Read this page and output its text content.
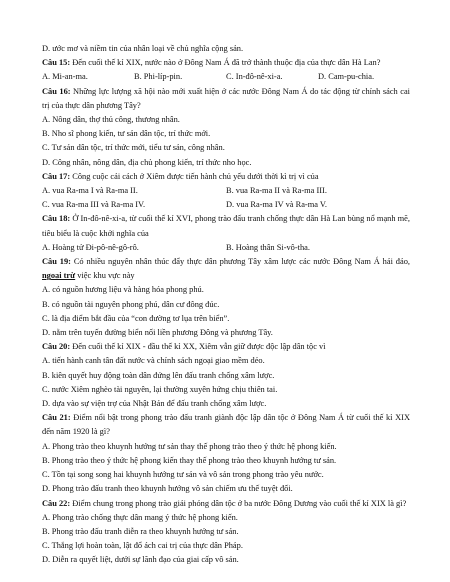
D. ước mơ và niềm tin của nhân loại về chủ nghĩa cộng sản.
Câu 15: Đến cuối thế kỉ XIX, nước nào ở Đông Nam Á đã trở thành thuộc địa của thực dân Hà Lan?
A. Mi-an-ma.	B. Phi-líp-pin.	C. In-đô-nê-xi-a.	D. Cam-pu-chia.
Câu 16: Những lực lượng xã hội nào mới xuất hiện ở các nước Đông Nam Á do tác động từ chính sách cai trị của thực dân phương Tây?
A. Nông dân, thợ thủ công, thương nhân.
B. Nho sĩ phong kiến, tư sản dân tộc, trí thức mới.
C. Tư sản dân tộc, trí thức mới, tiểu tư sản, công nhân.
D. Công nhân, nông dân, địa chủ phong kiến, trí thức nho học.
Câu 17: Công cuộc cải cách ở Xiêm được tiến hành chủ yếu dưới thời kì trị vì của
A. vua Ra-ma I và Ra-ma II.	B. vua Ra-ma II và Ra-ma III.
C. vua Ra-ma III và Ra-ma IV.	D. vua Ra-ma IV và Ra-ma V.
Câu 18: Ở In-đô-nê-xi-a, từ cuối thế kỉ XVI, phong trào đấu tranh chống thực dân Hà Lan bùng nổ mạnh mẽ, tiêu biểu là cuộc khởi nghĩa của
A. Hoàng tử Đi-pô-nê-gô-rô.	B. Hoàng thân Si-vô-tha.
Câu 19: Có nhiều nguyên nhân thúc đẩy thực dân phương Tây xâm lược các nước Đông Nam Á hải đảo, ngoại trừ việc khu vực này
A. có nguồn hương liệu và hàng hóa phong phú.
B. có nguồn tài nguyên phong phú, dân cư đông đúc.
C. là địa điểm bắt đầu của “con đường tơ lụa trên biển”.
D. nằm trên tuyến đường biển nối liền phương Đông và phương Tây.
Câu 20: Đến cuối thế kỉ XIX - đầu thế kỉ XX, Xiêm vẫn giữ được độc lập dân tộc vì
A. tiến hành canh tân đất nước và chính sách ngoại giao mềm dẻo.
B. kiên quyết huy động toàn dân đứng lên đấu tranh chống xâm lược.
C. nước Xiêm nghèo tài nguyên, lại thường xuyên hứng chịu thiên tai.
D. dựa vào sự viện trợ của Nhật Bản để đấu tranh chống xâm lược.
Câu 21: Điểm nổi bật trong phong trào đấu tranh giành độc lập dân tộc ở Đông Nam Á từ cuối thế kỉ XIX đến năm 1920 là gì?
A. Phong trào theo khuynh hướng tư sản thay thế phong trào theo ý thức hệ phong kiến.
B. Phong trào theo ý thức hệ phong kiến thay thế phong trào theo khuynh hướng tư sản.
C. Tồn tại song song hai khuynh hướng tư sản và vô sản trong phong trào yêu nước.
D. Phong trào đấu tranh theo khuynh hướng vô sản chiếm ưu thế tuyệt đối.
Câu 22: Điểm chung trong phong trào giải phóng dân tộc ở ba nước Đông Dương vào cuối thế kỉ XIX là gì?
A. Phong trào chống thực dân mang ý thức hệ phong kiến.
B. Phong trào đấu tranh diễn ra theo khuynh hướng tư sản.
C. Thắng lợi hoàn toàn, lật đổ ách cai trị của thực dân Pháp.
D. Diễn ra quyết liệt, dưới sự lãnh đạo của giai cấp vô sản.
